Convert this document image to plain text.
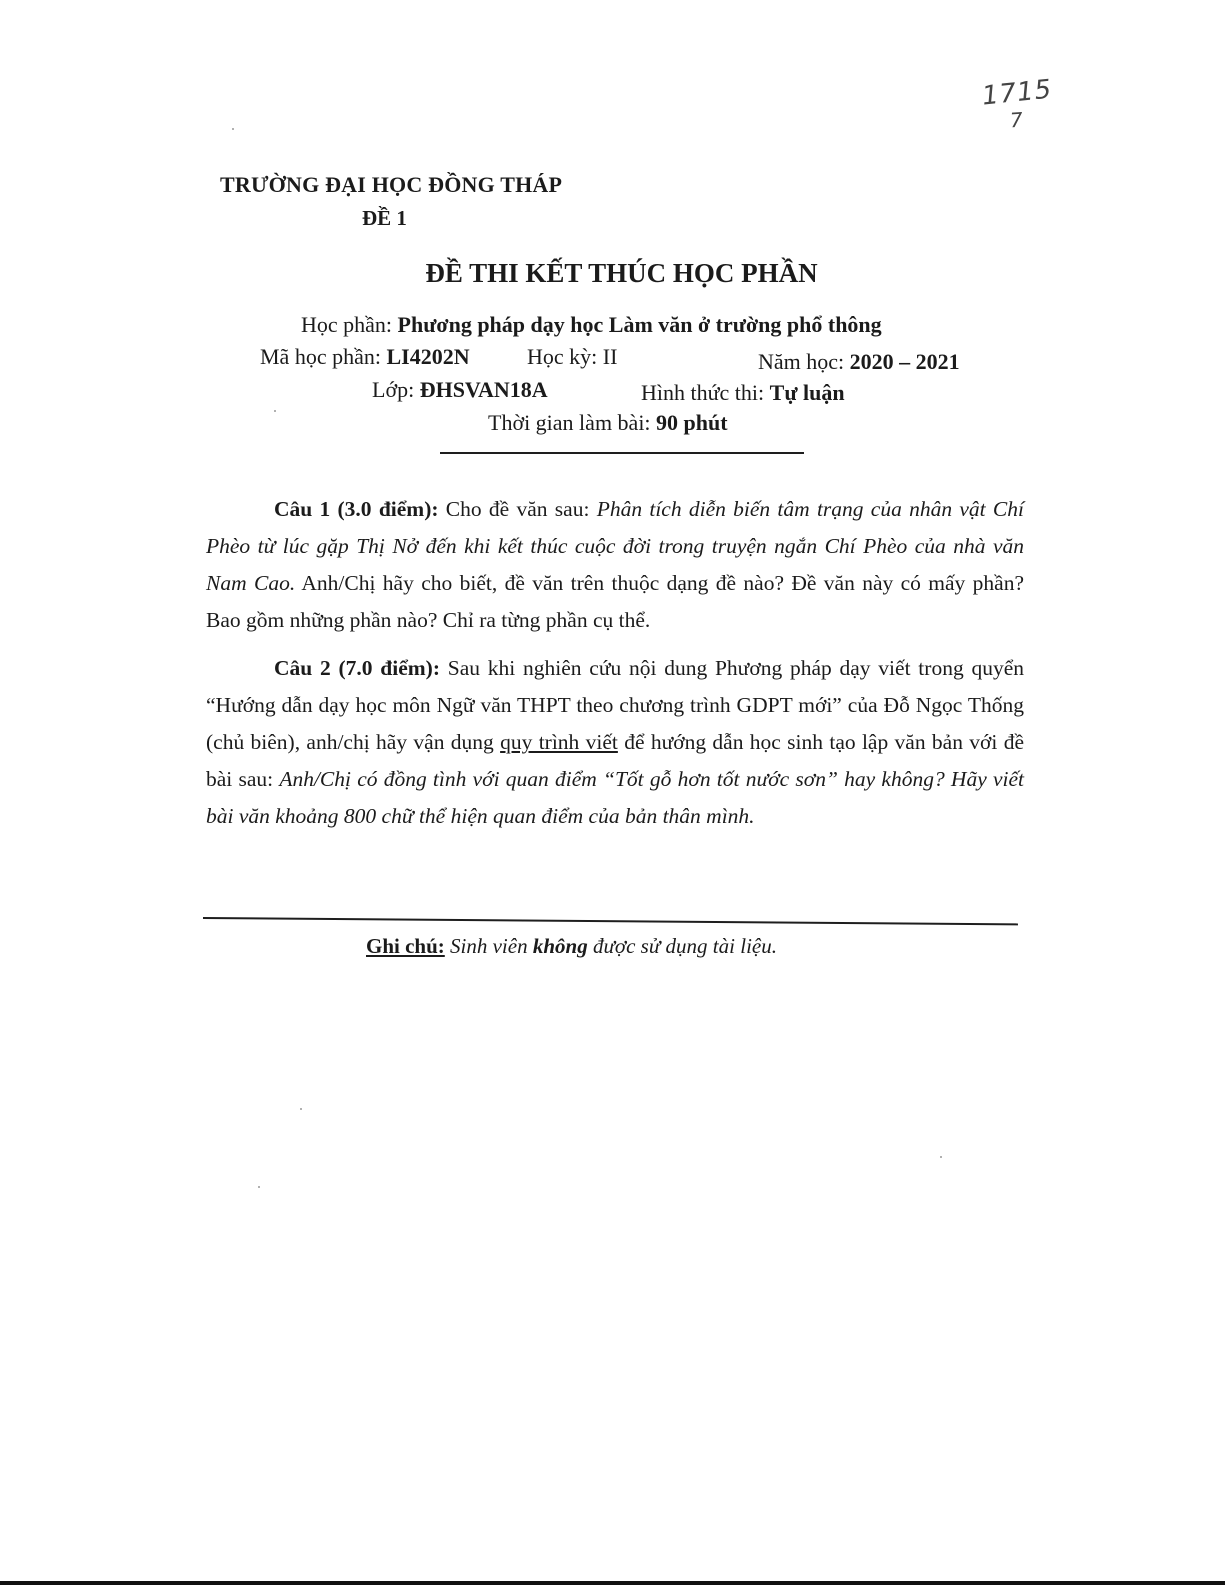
1715
7
TRƯỜNG ĐẠI HỌC ĐỒNG THÁP
ĐỀ 1
ĐỀ THI KẾT THÚC HỌC PHẦN
Học phần: Phương pháp dạy học Làm văn ở trường phổ thông
Mã học phần: LI4202N	Học kỳ: II	Năm học: 2020 – 2021
Lớp: ĐHSVAN18A	Hình thức thi: Tự luận
Thời gian làm bài: 90 phút
Câu 1 (3.0 điểm): Cho đề văn sau: Phân tích diễn biến tâm trạng của nhân vật Chí Phèo từ lúc gặp Thị Nở đến khi kết thúc cuộc đời trong truyện ngắn Chí Phèo của nhà văn Nam Cao. Anh/Chị hãy cho biết, đề văn trên thuộc dạng đề nào? Đề văn này có mấy phần? Bao gồm những phần nào? Chỉ ra từng phần cụ thể.
Câu 2 (7.0 điểm): Sau khi nghiên cứu nội dung Phương pháp dạy viết trong quyển “Hướng dẫn dạy học môn Ngữ văn THPT theo chương trình GDPT mới” của Đỗ Ngọc Thống (chủ biên), anh/chị hãy vận dụng quy trình viết để hướng dẫn học sinh tạo lập văn bản với đề bài sau: Anh/Chị có đồng tình với quan điểm “Tốt gỗ hơn tốt nước sơn” hay không? Hãy viết bài văn khoảng 800 chữ thể hiện quan điểm của bản thân mình.
Ghi chú: Sinh viên không được sử dụng tài liệu.
